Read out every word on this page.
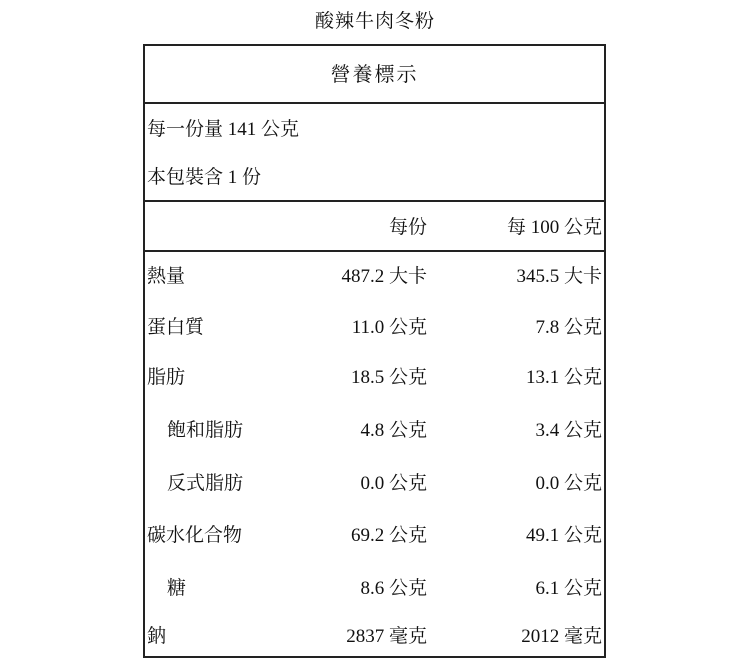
酸辣牛肉冬粉
營養標示
每一份量 141 公克
本包裝含 1 份
每份	每 100 公克
熱量	487.2 大卡	345.5 大卡
蛋白質	11.0 公克	7.8 公克
脂肪	18.5 公克	13.1 公克
飽和脂肪	4.8 公克	3.4 公克
反式脂肪	0.0 公克	0.0 公克
碳水化合物	69.2 公克	49.1 公克
糖	8.6 公克	6.1 公克
鈉	2837 毫克	2012 毫克
